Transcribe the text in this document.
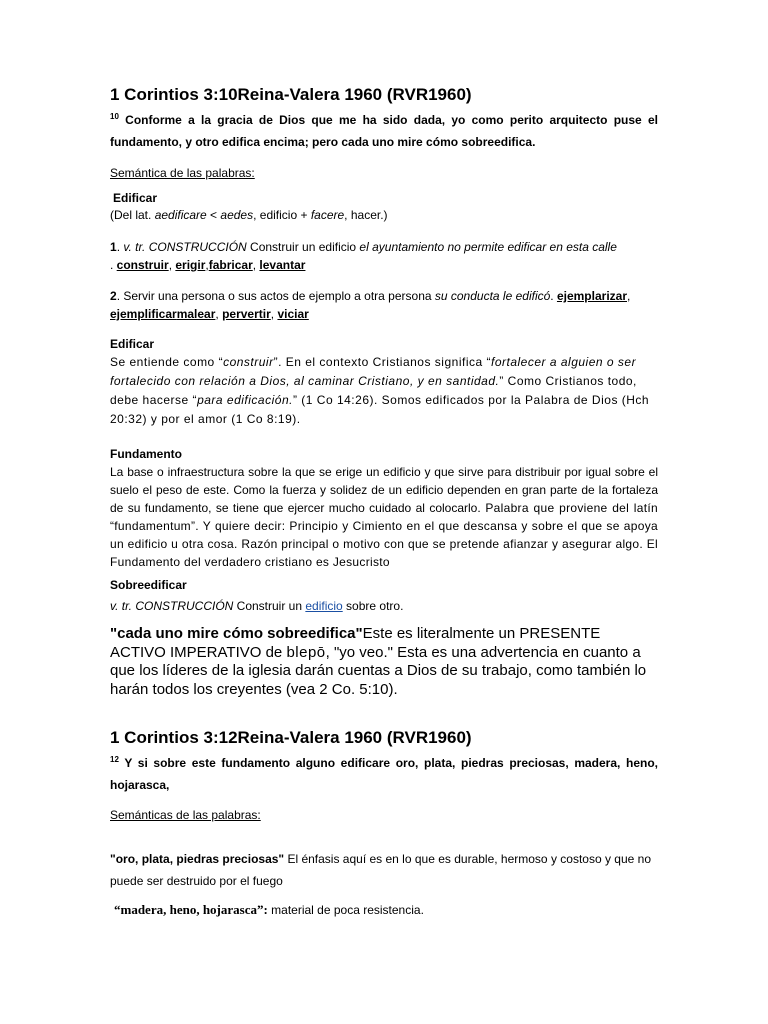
1 Corintios 3:10Reina-Valera 1960 (RVR1960)
$^{10}$ Conforme a la gracia de Dios que me ha sido dada, yo como perito arquitecto puse el fundamento, y otro edifica encima; pero cada uno mire cómo sobreedifica.
Semántica de las palabras:
Edificar
(Del lat. aedificare < aedes, edificio + facere, hacer.)
1. v. tr. CONSTRUCCIÓN Construir un edificio el ayuntamiento no permite edificar en esta calle
. construir, erigir,fabricar, levantar
2. Servir una persona o sus actos de ejemplo a otra persona su conducta le edificó. ejemplarizar, ejemplificarmalear, pervertir, viciar
Edificar
Se entiende como “construir”. En el contexto Cristianos significa “fortalecer a alguien o ser fortalecido con relación a Dios, al caminar Cristiano, y en santidad.” Como Cristianos todo, debe hacerse “para edificación.” (1 Co 14:26). Somos edificados por la Palabra de Dios (Hch 20:32) y por el amor (1 Co 8:19).
Fundamento
La base o infraestructura sobre la que se erige un edificio y que sirve para distribuir por igual sobre el suelo el peso de este. Como la fuerza y solidez de un edificio dependen en gran parte de la fortaleza de su fundamento, se tiene que ejercer mucho cuidado al colocarlo. Palabra que proviene del latín “fundamentum”. Y quiere decir: Principio y Cimiento en el que descansa y sobre el que se apoya un edificio u otra cosa. Razón principal o motivo con que se pretende afianzar y asegurar algo. El Fundamento del verdadero cristiano es Jesucristo
Sobreedificar
v. tr. CONSTRUCCIÓN Construir un edificio sobre otro.
"cada uno mire cómo sobreedifica"Este es literalmente un PRESENTE ACTIVO IMPERATIVO de blepō, "yo veo." Esta es una advertencia en cuanto a que los líderes de la iglesia darán cuentas a Dios de su trabajo, como también lo harán todos los creyentes (vea 2 Co. 5:10).
1 Corintios 3:12Reina-Valera 1960 (RVR1960)
$^{12}$ Y si sobre este fundamento alguno edificare oro, plata, piedras preciosas, madera, heno, hojarasca,
Semánticas de las palabras:
"oro, plata, piedras preciosas" El énfasis aquí es en lo que es durable, hermoso y costoso y que no puede ser destruido por el fuego
“madera, heno, hojarasca”: material de poca resistencia.
